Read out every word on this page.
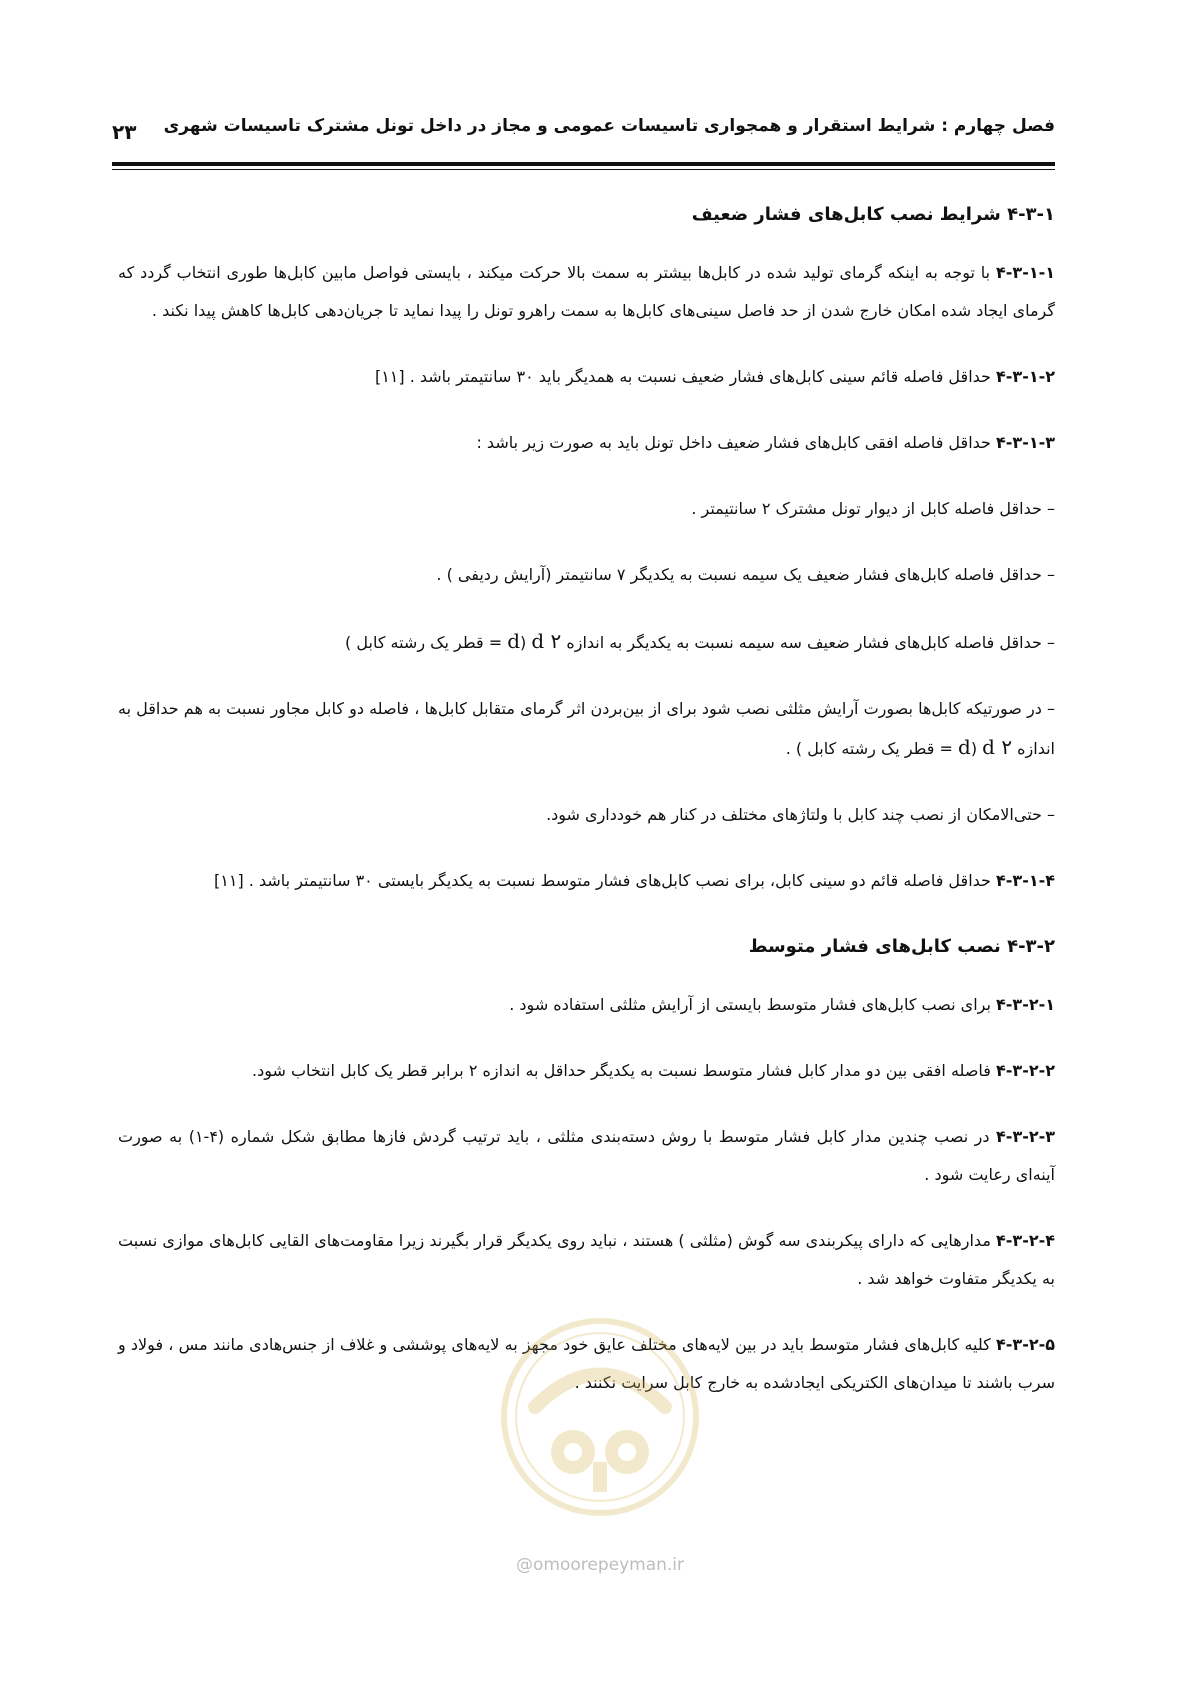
فصل چهارم : شرایط استقرار و همجواری تاسیسات عمومی و مجاز در داخل تونل مشترک تاسیسات شهری
۲۳
۴-۳-۱ شرایط نصب کابل‌های فشار ضعیف

۴-۳-۱-۱ با توجه به اینکه گرمای تولید شده در کابل‌ها بیشتر به سمت بالا حرکت میکند ، بایستی فواصل مابین کابل‌ها طوری انتخاب گردد که گرمای ایجاد شده امکان خارج شدن از حد فاصل سینی‌های کابل‌ها به سمت راهرو تونل را پیدا نماید تا جریان‌دهی کابل‌ها کاهش پیدا نکند .

۴-۳-۱-۲ حداقل فاصله قائم سینی کابل‌های فشار ضعیف نسبت به همدیگر باید ۳۰ سانتیمتر باشد . [۱۱]

۴-۳-۱-۳ حداقل فاصله افقی کابل‌های فشار ضعیف داخل تونل باید به صورت زیر باشد :

– حداقل فاصله کابل از دیوار تونل مشترک ۲ سانتیمتر .

– حداقل فاصله کابل‌های فشار ضعیف یک سیمه نسبت به یکدیگر ۷ سانتیمتر (آرایش ردیفی ) .

– حداقل فاصله کابل‌های فشار ضعیف سه سیمه نسبت به یکدیگر به اندازه ۲ d (d = قطر یک رشته کابل )

– در صورتیکه کابل‌ها بصورت آرایش مثلثی نصب شود برای از بین‌بردن اثر گرمای متقابل کابل‌ها ، فاصله دو کابل مجاور نسبت به هم حداقل به اندازه ۲ d (d = قطر یک رشته کابل ) .

– حتی‌الامکان از نصب چند کابل با ولتاژهای مختلف در کنار هم خودداری شود.

۴-۳-۱-۴ حداقل فاصله قائم دو سینی کابل، برای نصب کابل‌های فشار متوسط نسبت به یکدیگر بایستی ۳۰ سانتیمتر باشد . [۱۱]

۴-۳-۲ نصب کابل‌های فشار متوسط

۴-۳-۲-۱ برای نصب کابل‌های فشار متوسط بایستی از آرایش مثلثی استفاده شود .

۴-۳-۲-۲ فاصله افقی بین دو مدار کابل فشار متوسط نسبت به یکدیگر حداقل به اندازه ۲ برابر قطر یک کابل انتخاب شود.

۴-۳-۲-۳ در نصب چندین مدار کابل فشار متوسط با روش دسته‌بندی مثلثی ، باید ترتیب گردش فازها مطابق شکل شماره (۴-۱) به صورت آینه‌ای رعایت شود .

۴-۳-۲-۴ مدارهایی که دارای پیکربندی سه گوش (مثلثی ) هستند ، نباید روی یکدیگر قرار بگیرند زیرا مقاومت‌های القایی کابل‌های موازی نسبت به یکدیگر متفاوت خواهد شد .

۴-۳-۲-۵ کلیه کابل‌های فشار متوسط باید در بین لایه‌های مختلف عایق خود مجهز به لایه‌های پوششی و غلاف از جنس‌هادی مانند مس ، فولاد و سرب باشند تا میدان‌های الکتریکی ایجادشده به خارج کابل سرایت نکنند .

@omoorepeyman.ir
